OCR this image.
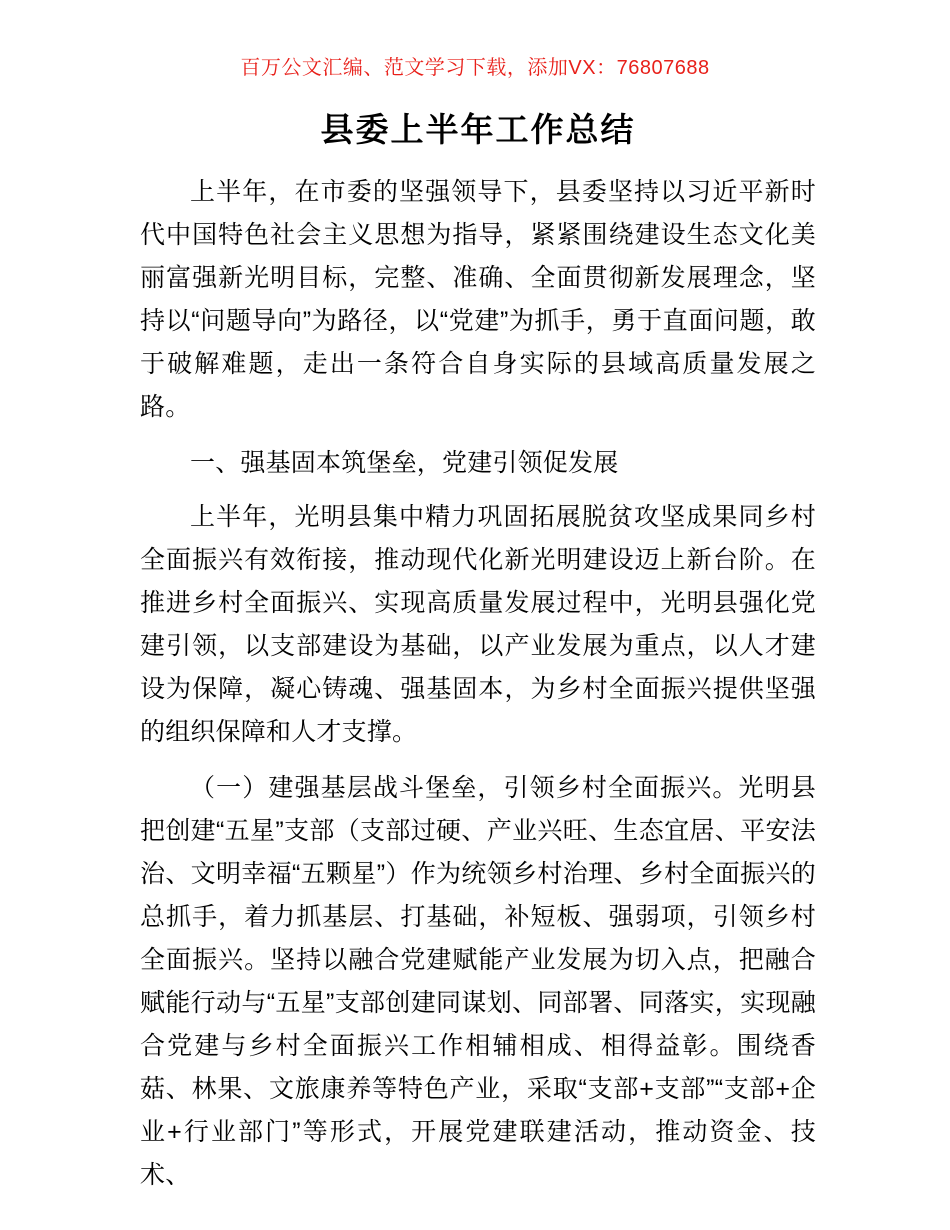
百万公文汇编、范文学习下载，添加VX：76807688
县委上半年工作总结

上半年，在市委的坚强领导下，县委坚持以习近平新时代中国特色社会主义思想为指导，紧紧围绕建设生态文化美丽富强新光明目标，完整、准确、全面贯彻新发展理念，坚持以“问题导向”为路径，以“党建”为抓手，勇于直面问题，敢于破解难题，走出一条符合自身实际的县域高质量发展之路。

一、强基固本筑堡垒，党建引领促发展

上半年，光明县集中精力巩固拓展脱贫攻坚成果同乡村全面振兴有效衔接，推动现代化新光明建设迈上新台阶。在推进乡村全面振兴、实现高质量发展过程中，光明县强化党建引领，以支部建设为基础，以产业发展为重点，以人才建设为保障，凝心铸魂、强基固本，为乡村全面振兴提供坚强的组织保障和人才支撑。

（一）建强基层战斗堡垒，引领乡村全面振兴。光明县把创建“五星”支部（支部过硬、产业兴旺、生态宜居、平安法治、文明幸福“五颗星”）作为统领乡村治理、乡村全面振兴的总抓手，着力抓基层、打基础，补短板、强弱项，引领乡村全面振兴。坚持以融合党建赋能产业发展为切入点，把融合赋能行动与“五星”支部创建同谋划、同部署、同落实，实现融合党建与乡村全面振兴工作相辅相成、相得益彰。围绕香菇、林果、文旅康养等特色产业，采取“支部+支部”“支部+企业+行业部门”等形式，开展党建联建活动，推动资金、技术、
